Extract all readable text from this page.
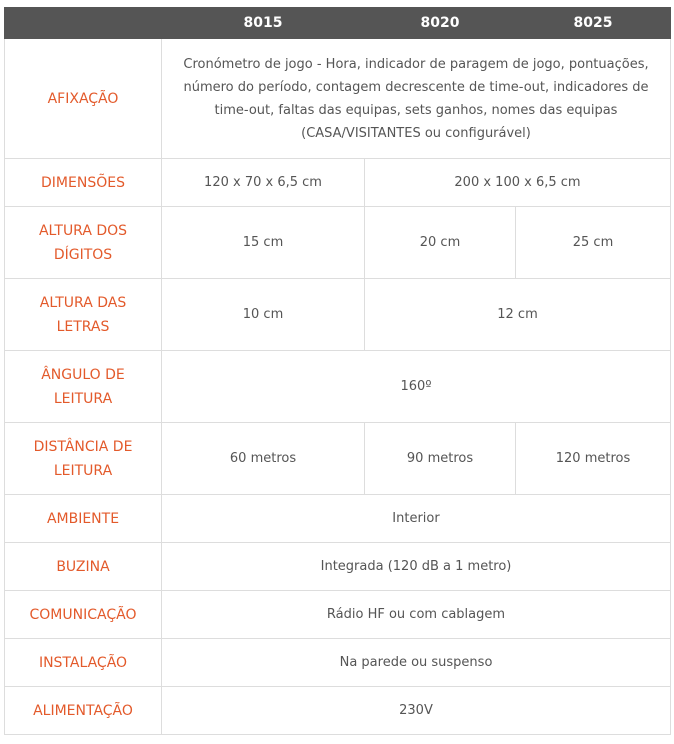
	8015	8020	8025
AFIXAÇÃO	Cronómetro de jogo - Hora, indicador de paragem de jogo, pontuações, número do período, contagem decrescente de time-out, indicadores de time-out, faltas das equipas, sets ganhos, nomes das equipas (CASA/VISITANTES ou configurável)		
DIMENSÕES	120 x 70 x 6,5 cm	200 x 100 x 6,5 cm	
ALTURA DOS DÍGITOS	15 cm	20 cm	25 cm
ALTURA DAS LETRAS	10 cm	12 cm	
ÂNGULO DE LEITURA	160º		
DISTÂNCIA DE LEITURA	60 metros	90 metros	120 metros
AMBIENTE	Interior		
BUZINA	Integrada (120 dB a 1 metro)		
COMUNICAÇÃO	Rádio HF ou com cablagem		
INSTALAÇÃO	Na parede ou suspenso		
ALIMENTAÇÃO	230V		
